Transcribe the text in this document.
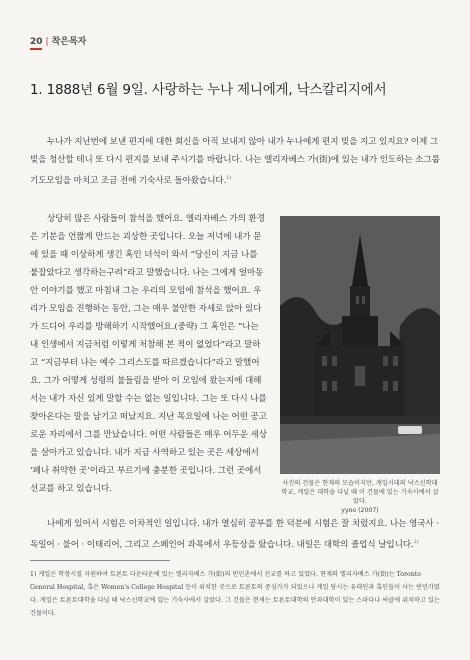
20 | 착은목자
1. 1888년 6월 9일. 사랑하는 누나 제니에게, 낙스칼리지에서

누나가 지난번에 보낸 편지에 대한 회신을 아직 보내지 않아 내가 누나에게 편지 빚을 지고 있지요? 이제 그 빚을 청산할 테니 또 다시 편지를 보내 주시기를 바랍니다. 나는 엘리자베스 가(街)에 있는 내가 인도하는 소그룹 기도모임을 마치고 조금 전에 기숙사로 돌아왔습니다.$^{1)}$

사진의 건물은 현재의 모습이지만, 게일시대의 낙스신학대학교, 게일은 대학을 다닐 때 이 건물에 있는 기숙사에서 살았다.
yyoo (2007)

상당히 많은 사람들이 참석을 했어요. 엘리자베스 가의 환경은 기분을 언짢게 만드는 괴상한 곳입니다. 오늘 저녁에 내가 문에 있을 때 이상하게 생긴 혹인 녀석이 와서 “당신이 지금 나를 붙잡았다고 생각하는구려”라고 말했습니다. 나는 그에게 얼마동안 이야기를 했고 마침내 그는 우리의 모임에 참석을 했어요. 우리가 모임을 진행하는 동안, 그는 매우 불안한 자세로 앉아 있다가 드디어 우리를 방해하기 시작했어요.(중략) 그 혹인은 “나는 내 인생에서 지금처럼 이렇게 처참해 본 적이 없었다”라고 말하고 “지금부터 나는 예수 그리스도를 따르겠습니다”라고 말했어요. 그가 어떻게 성령의 불들림을 받아 이 모임에 왔는지에 대해서는 내가 자신 있게 말할 수는 없는 일입니다. 그는 또 다시 나를 찾아온다는 말을 남기고 떠났지요. 지난 목요일에 나는 어떤 공고로운 자리에서 그를 만났습니다. 어떤 사람들은 매우 어두운 세상을 살아가고 있습니다. 내가 지금 사역하고 있는 곳은 세상에서 ‘폐나 취약한 곳’이라고 부르기에 충분한 곳입니다. 그런 곳에서 선교를 하고 있습니다.

나에게 있어서 시험은 이차적인 일입니다. 내가 열심히 공부를 한 덕분에 시험은 잘 치렀지요. 나는 영국사 · 독일어 · 불어 · 이태리어, 그리고 스페인어 과목에서 우등상을 탔습니다. 내일은 대학의 졸업식 날입니다.$^{2)}$

1) 게일은 학창시절 자원하여 토론토 다운타운에 있는 엘리자베스 가(街)의 빈민촌에서 선교를 하고 있었다. 현재의 엘리자베스 가(街)는 Toronto General Hospital, 혹은 Women's College Hospital 등이 위치한 곳으로 토론토의 중심가가 되었으나 게일 당시는 유태인과 혹인들이 사는 빈민가였다. 게일은 토론토대학을 다닐 때 낙스신학교에 있는 기숙사에서 살았다. 그 건물은 현재는 토론토대학의 안과대학이 있는 스파다나 써클에 위치하고 있는 건물이다.
